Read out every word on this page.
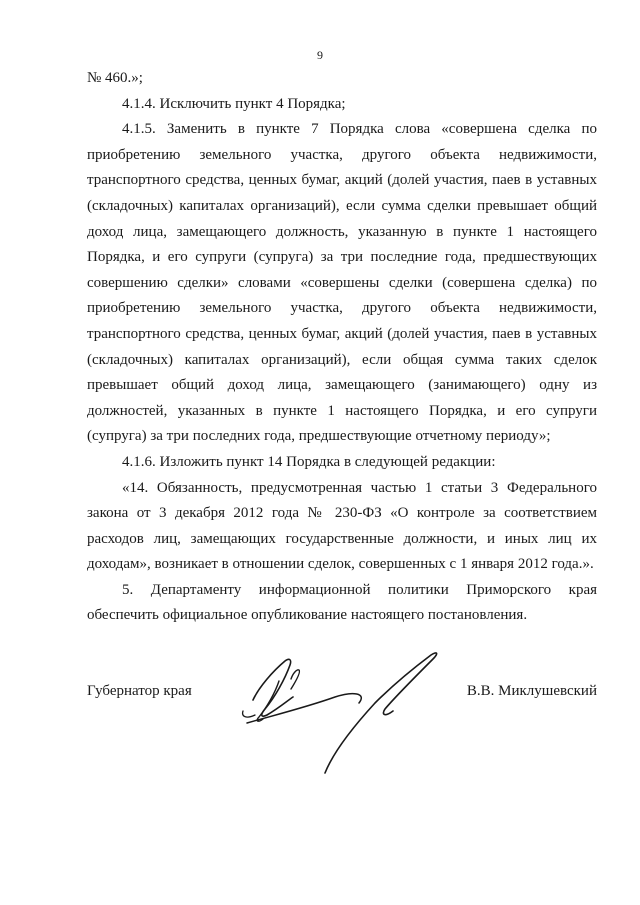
9

№ 460.»;

4.1.4. Исключить пункт 4 Порядка;

4.1.5. Заменить в пункте 7 Порядка слова «совершена сделка по приобретению земельного участка, другого объекта недвижимости, транспортного средства, ценных бумаг, акций (долей участия, паев в уставных (складочных) капиталах организаций), если сумма сделки превышает общий доход лица, замещающего должность, указанную в пункте 1 настоящего Порядка, и его супруги (супруга) за три последние года, предшествующих совершению сделки» словами «совершены сделки (совершена сделка) по приобретению земельного участка, другого объекта недвижимости, транспортного средства, ценных бумаг, акций (долей участия, паев в уставных (складочных) капиталах организаций), если общая сумма таких сделок превышает общий доход лица, замещающего (занимающего) одну из должностей, указанных в пункте 1 настоящего Порядка, и его супруги (супруга) за три последних года, предшествующие отчетному периоду»;

4.1.6. Изложить пункт 14 Порядка в следующей редакции:

«14. Обязанность, предусмотренная частью 1 статьи 3 Федерального закона от 3 декабря 2012 года № 230-ФЗ «О контроле за соответствием расходов лиц, замещающих государственные должности, и иных лиц их доходам», возникает в отношении сделок, совершенных с 1 января 2012 года.».

5. Департаменту информационной политики Приморского края обеспечить официальное опубликование настоящего постановления.

Губернатор края	В.В. Миклушевский
